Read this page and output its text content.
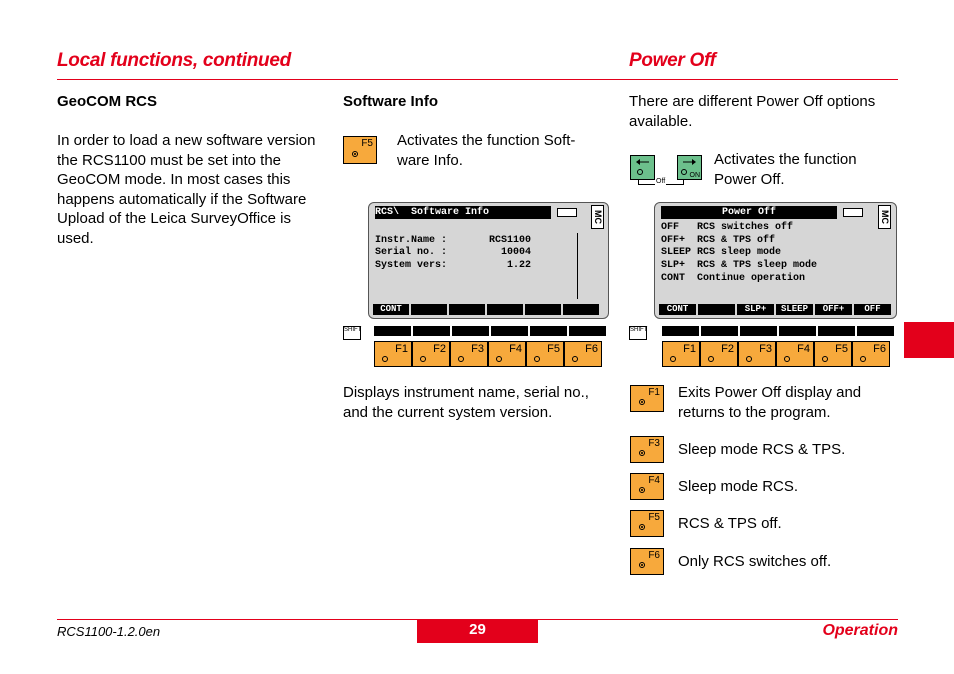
Local functions, continued	Power Off
GeoCOM RCS
In order to load a new software version the RCS1100 must be set into the GeoCOM mode. In most cases this happens automatically if the Software Upload of the Leica SurveyOffice is used.
Software Info
F5 Activates the function Soft-ware Info.
RCS\  Software Info	MC
Instr.Name :       RCS1100
Serial no. :         10004
System vers:          1.22
CONT
SHIFT
F1 F2 F3 F4 F5 F6
Displays instrument name, serial no., and the current system version.
There are different Power Off options available.
ON
Off
Activates the function Power Off.
Power Off	MC
OFF   RCS switches off
OFF+  RCS & TPS off
SLEEP RCS sleep mode
SLP+  RCS & TPS sleep mode
CONT  Continue operation
CONT	SLP+	SLEEP	OFF+	OFF
SHIFT
F1 F2 F3 F4 F5 F6
F1 Exits Power Off display and returns to the program.
F3 Sleep mode RCS & TPS.
F4 Sleep mode RCS.
F5 RCS & TPS off.
F6 Only RCS switches off.
RCS1100-1.2.0en	29	Operation
